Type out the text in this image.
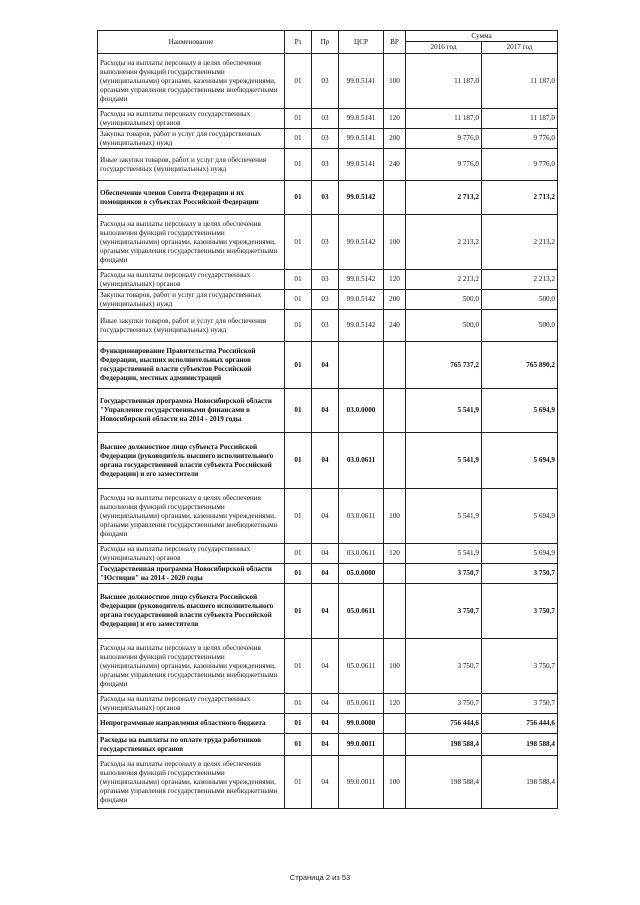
Наименование	Рз	Пр	ЦСР	ВР	Сумма	
					2016 год	2017 год
Расходы на выплаты персоналу в целях обеспечения выполнения функций государственными (муниципальными) органами, казенными учреждениями, органами управления государственными внебюджетными фондами	01	03	99.0.5141	100	11 187,0	11 187,0
Расходы на выплаты персоналу государственных (муниципальных) органов	01	03	99.0.5141	120	11 187,0	11 187,0
Закупка товаров, работ и услуг для государственных (муниципальных) нужд	01	03	99.0.5141	200	9 776,0	9 776,0
Иные закупки товаров, работ и услуг для обеспечения государственных (муниципальных) нужд	01	03	99.0.5141	240	9 776,0	9 776,0
Обеспечение членов Совета Федерации и их помощников в субъектах Российской Федерации	01	03	99.0.5142		2 713,2	2 713,2
Расходы на выплаты персоналу в целях обеспечения выполнения функций государственными (муниципальными) органами, казенными учреждениями, органами управления государственными внебюджетными фондами	01	03	99.0.5142	100	2 213,2	2 213,2
Расходы на выплаты персоналу государственных (муниципальных) органов	01	03	99.0.5142	120	2 213,2	2 213,2
Закупка товаров, работ и услуг для государственных (муниципальных) нужд	01	03	99.0.5142	200	500,0	500,0
Иные закупки товаров, работ и услуг для обеспечения государственных (муниципальных) нужд	01	03	99.0.5142	240	500,0	500,0
Функционирование Правительства Российской Федерации, высших исполнительных органов государственной власти субъектов Российской Федерации, местных администраций	01	04			765 737,2	765 890,2
Государственная программа Новосибирской области "Управление государственными финансами в Новосибирской области на 2014 - 2019 годы	01	04	03.0.0000		5 541,9	5 694,9
Высшее должностное лицо субъекта Российской Федерации (руководитель высшего исполнительного органа государственной власти субъекта Российской Федерации) и его заместители	01	04	03.0.0611		5 541,9	5 694,9
Расходы на выплаты персоналу в целях обеспечения выполнения функций государственными (муниципальными) органами, казенными учреждениями, органами управления государственными внебюджетными фондами	01	04	03.0.0611	100	5 541,9	5 694,9
Расходы на выплаты персоналу государственных (муниципальных) органов	01	04	03.0.0611	120	5 541,9	5 694,9
Государственная программа Новосибирской области "Юстиция" на 2014 - 2020 годы	01	04	05.0.0000		3 750,7	3 750,7
Высшее должностное лицо субъекта Российской Федерации (руководитель высшего исполнительного органа государственной власти субъекта Российской Федерации) и его заместители	01	04	05.0.0611		3 750,7	3 750,7
Расходы на выплаты персоналу в целях обеспечения выполнения функций государственными (муниципальными) органами, казенными учреждениями, органами управления государственными внебюджетными фондами	01	04	05.0.0611	100	3 750,7	3 750,7
Расходы на выплаты персоналу государственных (муниципальных) органов	01	04	05.0.0611	120	3 750,7	3 750,7
Непрограммные направления областного бюджета	01	04	99.0.0000		756 444,6	756 444,6
Расходы на выплаты по оплате труда работников государственных органов	01	04	99.0.0011		198 588,4	198 588,4
Расходы на выплаты персоналу в целях обеспечения выполнения функций государственными (муниципальными) органами, казенными учреждениями, органами управления государственными внебюджетными фондами	01	04	99.0.0011	100	198 588,4	198 588,4
Страница 2 из 53
